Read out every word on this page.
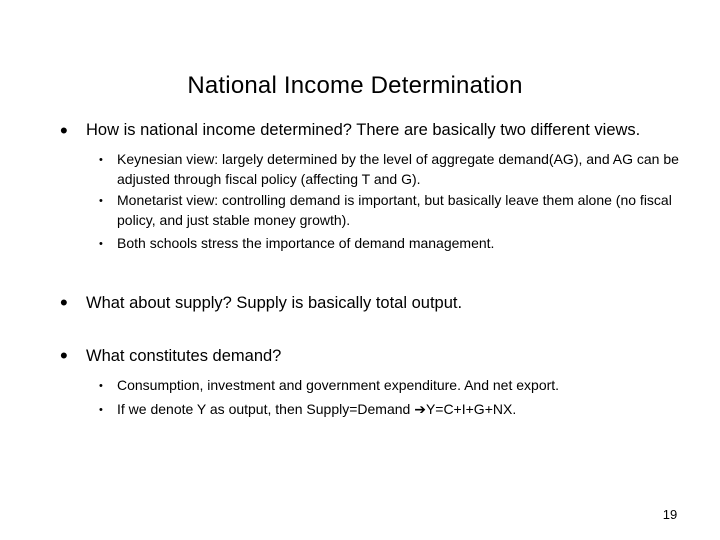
National Income Determination
• How is national income determined? There are basically two different views.
• Keynesian view: largely determined by the level of aggregate demand(AG), and AG can be adjusted through fiscal policy (affecting T and G).
• Monetarist view: controlling demand is important, but basically leave them alone (no fiscal policy, and just stable money growth).
• Both schools stress the importance of demand management.
• What about supply? Supply is basically total output.
• What constitutes demand?
• Consumption, investment and government expenditure. And net export.
• If we denote Y as output, then Supply=Demand ➔Y=C+I+G+NX.
19
